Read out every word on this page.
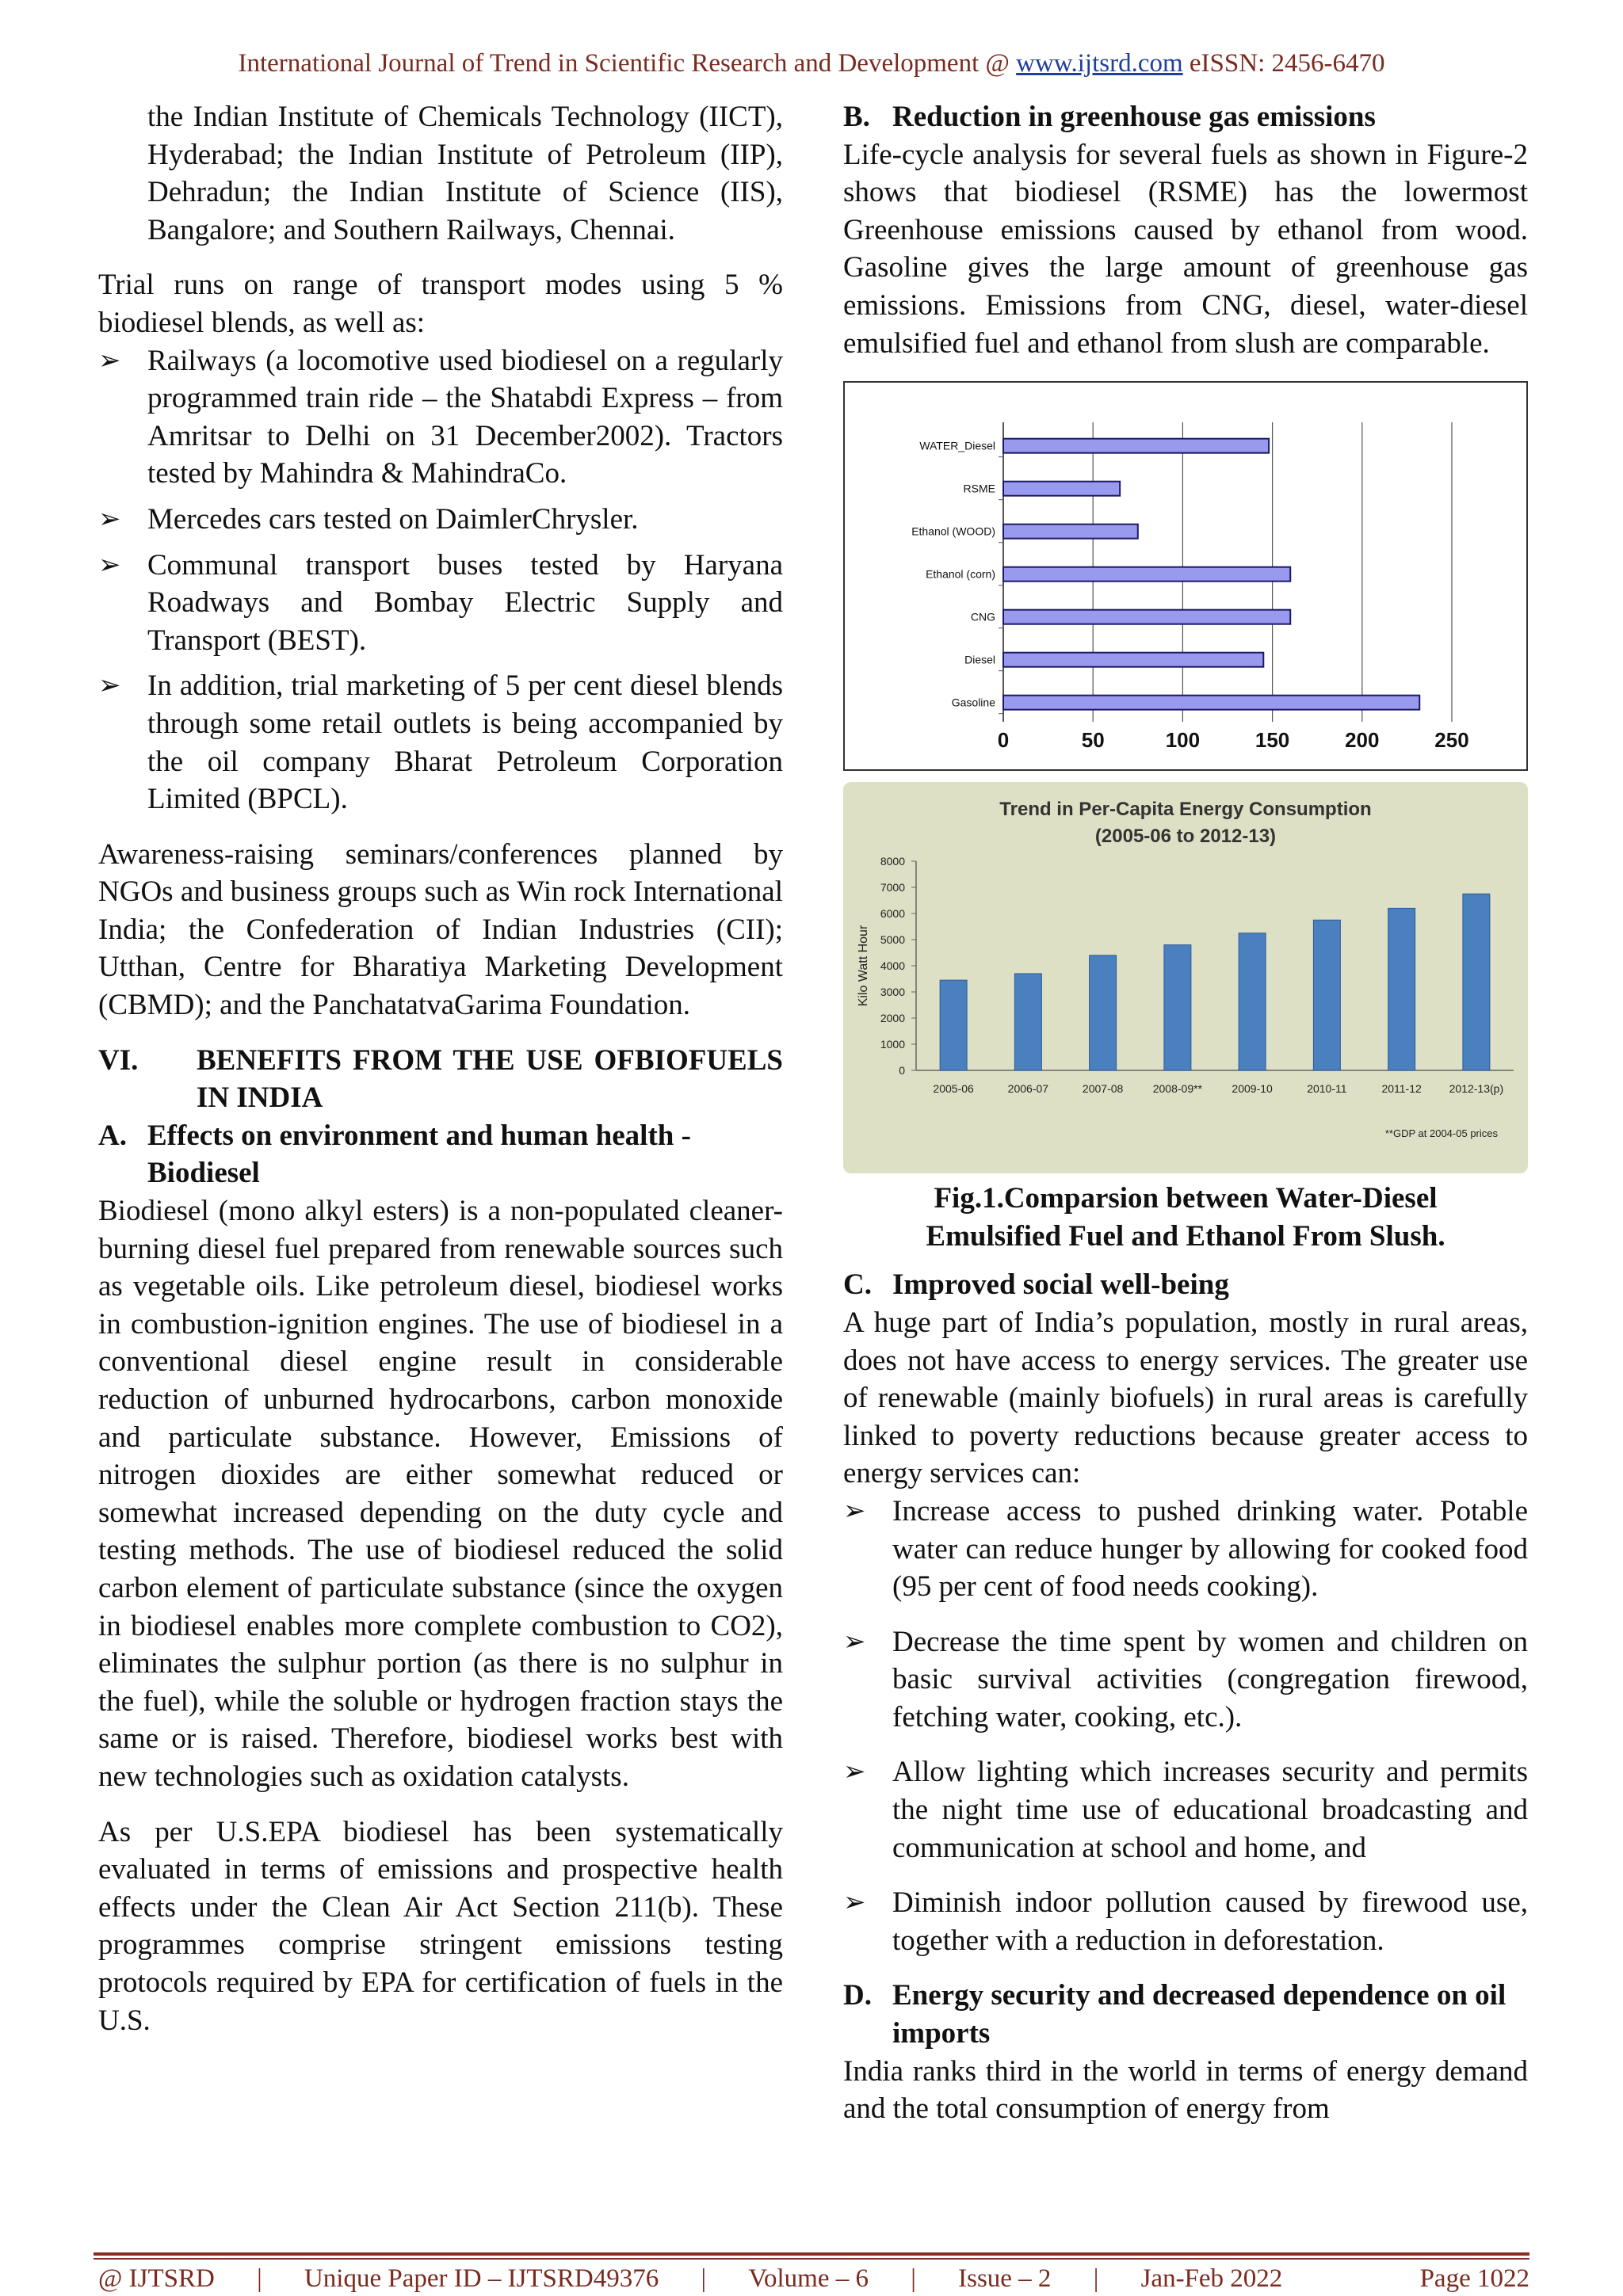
International Journal of Trend in Scientific Research and Development @ www.ijtsrd.com eISSN: 2456-6470

the Indian Institute of Chemicals Technology (IICT), Hyderabad; the Indian Institute of Petroleum (IIP), Dehradun; the Indian Institute of Science (IIS), Bangalore; and Southern Railways, Chennai.

Trial runs on range of transport modes using 5 % biodiesel blends, as well as:

➢ Railways (a locomotive used biodiesel on a regularly programmed train ride – the Shatabdi Express – from Amritsar to Delhi on 31 December2002). Tractors tested by Mahindra & MahindraCo.
➢ Mercedes cars tested on DaimlerChrysler.
➢ Communal transport buses tested by Haryana Roadways and Bombay Electric Supply and Transport (BEST).
➢ In addition, trial marketing of 5 per cent diesel blends through some retail outlets is being accompanied by the oil company Bharat Petroleum Corporation Limited (BPCL).

Awareness-raising seminars/conferences planned by NGOs and business groups such as Win rock International India; the Confederation of Indian Industries (CII); Utthan, Centre for Bharatiya Marketing Development (CBMD); and the PanchatatvaGarima Foundation.

VI.	BENEFITS FROM THE USE OFBIOFUELS IN INDIA
A. Effects on environment and human health - Biodiesel

Biodiesel (mono alkyl esters) is a non-populated cleaner-burning diesel fuel prepared from renewable sources such as vegetable oils. Like petroleum diesel, biodiesel works in combustion-ignition engines. The use of biodiesel in a conventional diesel engine result in considerable reduction of unburned hydrocarbons, carbon monoxide and particulate substance. However, Emissions of nitrogen dioxides are either somewhat reduced or somewhat increased depending on the duty cycle and testing methods. The use of biodiesel reduced the solid carbon element of particulate substance (since the oxygen in biodiesel enables more complete combustion to CO2), eliminates the sulphur portion (as there is no sulphur in the fuel), while the soluble or hydrogen fraction stays the same or is raised. Therefore, biodiesel works best with new technologies such as oxidation catalysts.

As per U.S.EPA biodiesel has been systematically evaluated in terms of emissions and prospective health effects under the Clean Air Act Section 211(b). These programmes comprise stringent emissions testing protocols required by EPA for certification of fuels in the U.S.

B. Reduction in greenhouse gas emissions

Life-cycle analysis for several fuels as shown in Figure-2 shows that biodiesel (RSME) has the lowermost Greenhouse emissions caused by ethanol from wood. Gasoline gives the large amount of greenhouse gas emissions. Emissions from CNG, diesel, water-diesel emulsified fuel and ethanol from slush are comparable.

0	50	100	150	200	250
WATER_Diesel
RSME
Ethanol (WOOD)
Ethanol (corn)
CNG
Diesel
Gasoline
Trend in Per-Capita Energy Consumption
(2005-06 to 2012-13)
0
1000
2000
3000
4000
5000
6000
7000
8000
Kilo Watt Hour
2005-06	2006-07	2007-08	2008-09**	2009-10	2010-11	2011-12 2012-13(p)
**GDP at 2004-05 prices
Fig.1.Comparsion between Water-Diesel
Emulsified Fuel and Ethanol From Slush.
C. Improved social well-being

A huge part of India’s population, mostly in rural areas, does not have access to energy services. The greater use of renewable (mainly biofuels) in rural areas is carefully linked to poverty reductions because greater access to energy services can:

➢ Increase access to pushed drinking water. Potable water can reduce hunger by allowing for cooked food (95 per cent of food needs cooking).
➢ Decrease the time spent by women and children on basic survival activities (congregation firewood, fetching water, cooking, etc.).
➢ Allow lighting which increases security and permits the night time use of educational broadcasting and communication at school and home, and
➢ Diminish indoor pollution caused by firewood use, together with a reduction in deforestation.
D. Energy security and decreased dependence on oil imports

India ranks third in the world in terms of energy demand and the total consumption of energy from

@ IJTSRD | Unique Paper ID – IJTSRD49376 | Volume – 6 | Issue – 2 | Jan-Feb 2022	Page 1022
